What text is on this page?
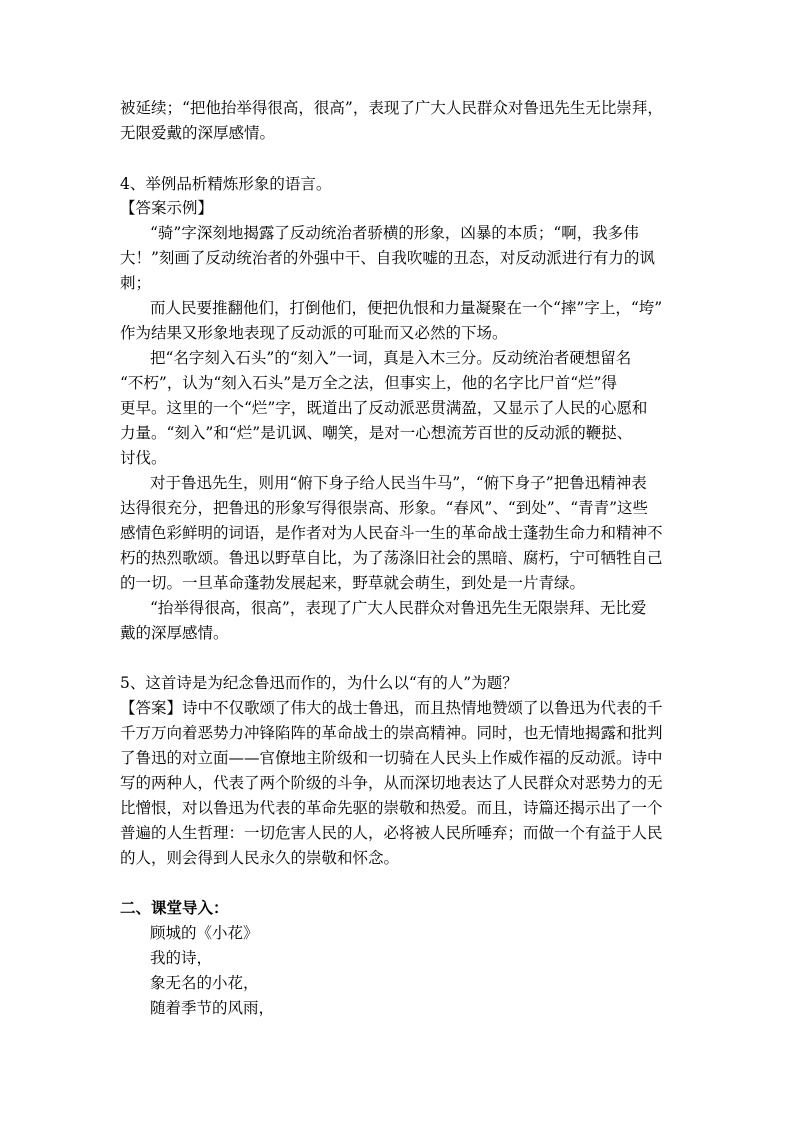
被延续；“把他抬举得很高，很高”，表现了广大人民群众对鲁迅先生无比崇拜，
无限爱戴的深厚感情。
4、举例品析精炼形象的语言。
【答案示例】
“骑”字深刻地揭露了反动统治者骄横的形象，凶暴的本质；“啊，我多伟
大！”刻画了反动统治者的外强中干、自我吹嘘的丑态，对反动派进行有力的讽
刺；
而人民要推翻他们，打倒他们，便把仇恨和力量凝聚在一个“摔”字上，“垮”
作为结果又形象地表现了反动派的可耻而又必然的下场。
把“名字刻入石头”的“刻入”一词，真是入木三分。反动统治者硬想留名
“不朽”，认为“刻入石头”是万全之法，但事实上，他的名字比尸首“烂”得
更早。这里的一个“烂”字，既道出了反动派恶贯满盈，又显示了人民的心愿和
力量。“刻入”和“烂”是讥讽、嘲笑，是对一心想流芳百世的反动派的鞭挞、
讨伐。
对于鲁迅先生，则用“俯下身子给人民当牛马”，“俯下身子”把鲁迅精神表
达得很充分，把鲁迅的形象写得很崇高、形象。“春风”、“到处”、“青青”这些
感情色彩鲜明的词语，是作者对为人民奋斗一生的革命战士蓬勃生命力和精神不
朽的热烈歌颂。鲁迅以野草自比，为了荡涤旧社会的黑暗、腐朽，宁可牺牲自己
的一切。一旦革命蓬勃发展起来，野草就会萌生，到处是一片青绿。
“抬举得很高，很高”，表现了广大人民群众对鲁迅先生无限崇拜、无比爱
戴的深厚感情。
5、这首诗是为纪念鲁迅而作的，为什么以“有的人”为题？
【答案】诗中不仅歌颂了伟大的战士鲁迅，而且热情地赞颂了以鲁迅为代表的千
千万万向着恶势力冲锋陷阵的革命战士的崇高精神。同时，也无情地揭露和批判
了鲁迅的对立面——官僚地主阶级和一切骑在人民头上作威作福的反动派。诗中
写的两种人，代表了两个阶级的斗争，从而深切地表达了人民群众对恶势力的无
比憎恨，对以鲁迅为代表的革命先驱的崇敬和热爱。而且，诗篇还揭示出了一个
普遍的人生哲理：一切危害人民的人，必将被人民所唾弃；而做一个有益于人民
的人，则会得到人民永久的崇敬和怀念。
二、课堂导入：
顾城的《小花》
我的诗，
象无名的小花，
随着季节的风雨，
